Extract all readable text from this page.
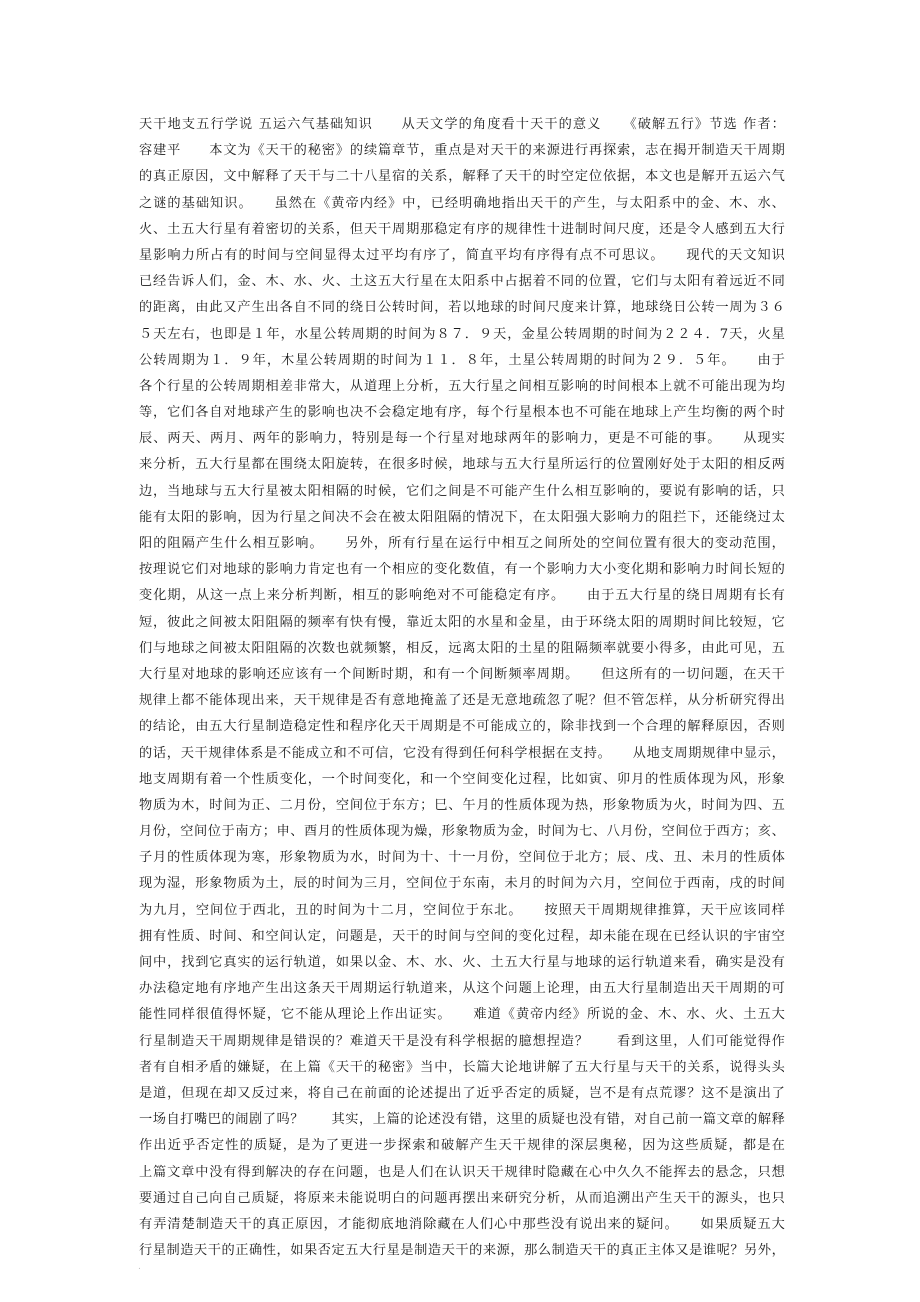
天干地支五行学说 五运六气基础知识　　从天文学的角度看十天干的意义　　《破解五行》节选 作者：
容建平　　本文为《天干的秘密》的续篇章节，重点是对天干的来源进行再探索，志在揭开制造天干周期
的真正原因，文中解释了天干与二十八星宿的关系，解释了天干的时空定位依据，本文也是解开五运六气
之谜的基础知识。　　虽然在《黄帝内经》中，已经明确地指出天干的产生，与太阳系中的金、木、水、
火、土五大行星有着密切的关系，但天干周期那稳定有序的规律性十进制时间尺度，还是令人感到五大行
星影响力所占有的时间与空间显得太过平均有序了，简直平均有序得有点不可思议。　　现代的天文知识
已经告诉人们，金、木、水、火、土这五大行星在太阳系中占据着不同的位置，它们与太阳有着远近不同
的距离，由此又产生出各自不同的绕日公转时间，若以地球的时间尺度来计算，地球绕日公转一周为３６
５天左右，也即是１年，水星公转周期的时间为８７．９天，金星公转周期的时间为２２４．7天，火星
公转周期为１．９年，木星公转周期的时间为１１．８年，土星公转周期的时间为２９．５年。　　由于
各个行星的公转周期相差非常大，从道理上分析，五大行星之间相互影响的时间根本上就不可能出现为均
等，它们各自对地球产生的影响也决不会稳定地有序，每个行星根本也不可能在地球上产生均衡的两个时
辰、两天、两月、两年的影响力，特别是每一个行星对地球两年的影响力，更是不可能的事。　　从现实
来分析，五大行星都在围绕太阳旋转，在很多时候，地球与五大行星所运行的位置刚好处于太阳的相反两
边，当地球与五大行星被太阳相隔的时候，它们之间是不可能产生什么相互影响的，要说有影响的话，只
能有太阳的影响，因为行星之间决不会在被太阳阻隔的情况下，在太阳强大影响力的阻拦下，还能绕过太
阳的阻隔产生什么相互影响。　　另外，所有行星在运行中相互之间所处的空间位置有很大的变动范围，
按理说它们对地球的影响力肯定也有一个相应的变化数值，有一个影响力大小变化期和影响力时间长短的
变化期，从这一点上来分析判断，相互的影响绝对不可能稳定有序。　　由于五大行星的绕日周期有长有
短，彼此之间被太阳阻隔的频率有快有慢，靠近太阳的水星和金星，由于环绕太阳的周期时间比较短，它
们与地球之间被太阳阻隔的次数也就频繁，相反，远离太阳的土星的阻隔频率就要小得多，由此可见，五
大行星对地球的影响还应该有一个间断时期，和有一个间断频率周期。　　但这所有的一切问题，在天干
规律上都不能体现出来，天干规律是否有意地掩盖了还是无意地疏忽了呢？但不管怎样，从分析研究得出
的结论，由五大行星制造稳定性和程序化天干周期是不可能成立的，除非找到一个合理的解释原因，否则
的话，天干规律体系是不能成立和不可信，它没有得到任何科学根据在支持。　　从地支周期规律中显示，
地支周期有着一个性质变化，一个时间变化，和一个空间变化过程，比如寅、卯月的性质体现为风，形象
物质为木，时间为正、二月份，空间位于东方；巳、午月的性质体现为热，形象物质为火，时间为四、五
月份，空间位于南方；申、酉月的性质体现为燥，形象物质为金，时间为七、八月份，空间位于西方；亥、
子月的性质体现为寒，形象物质为水，时间为十、十一月份，空间位于北方；辰、戌、丑、未月的性质体
现为湿，形象物质为土，辰的时间为三月，空间位于东南，未月的时间为六月，空间位于西南，戌的时间
为九月，空间位于西北，丑的时间为十二月，空间位于东北。　　按照天干周期规律推算，天干应该同样
拥有性质、时间、和空间认定，问题是，天干的时间与空间的变化过程，却未能在现在已经认识的宇宙空
间中，找到它真实的运行轨道，如果以金、木、水、火、土五大行星与地球的运行轨道来看，确实是没有
办法稳定地有序地产生出这条天干周期运行轨道来，从这个问题上论理，由五大行星制造出天干周期的可
能性同样很值得怀疑，它不能从理论上作出证实。　　难道《黄帝内经》所说的金、木、水、火、土五大
行星制造天干周期规律是错误的？难道天干是没有科学根据的臆想捏造？　　看到这里，人们可能觉得作
者有自相矛盾的嫌疑，在上篇《天干的秘密》当中，长篇大论地讲解了五大行星与天干的关系，说得头头
是道，但现在却又反过来，将自己在前面的论述提出了近乎否定的质疑，岂不是有点荒谬？这不是演出了
一场自打嘴巴的闹剧了吗？　　其实，上篇的论述没有错，这里的质疑也没有错，对自己前一篇文章的解释
作出近乎否定性的质疑，是为了更进一步探索和破解产生天干规律的深层奥秘，因为这些质疑，都是在
上篇文章中没有得到解决的存在问题，也是人们在认识天干规律时隐藏在心中久久不能挥去的悬念，只想
要通过自己向自己质疑，将原来未能说明白的问题再摆出来研究分析，从而追溯出产生天干的源头，也只
有弄清楚制造天干的真正原因，才能彻底地消除藏在人们心中那些没有说出来的疑问。　　如果质疑五大
行星制造天干的正确性，如果否定五大行星是制造天干的来源，那么制造天干的真正主体又是谁呢？另外，
.
